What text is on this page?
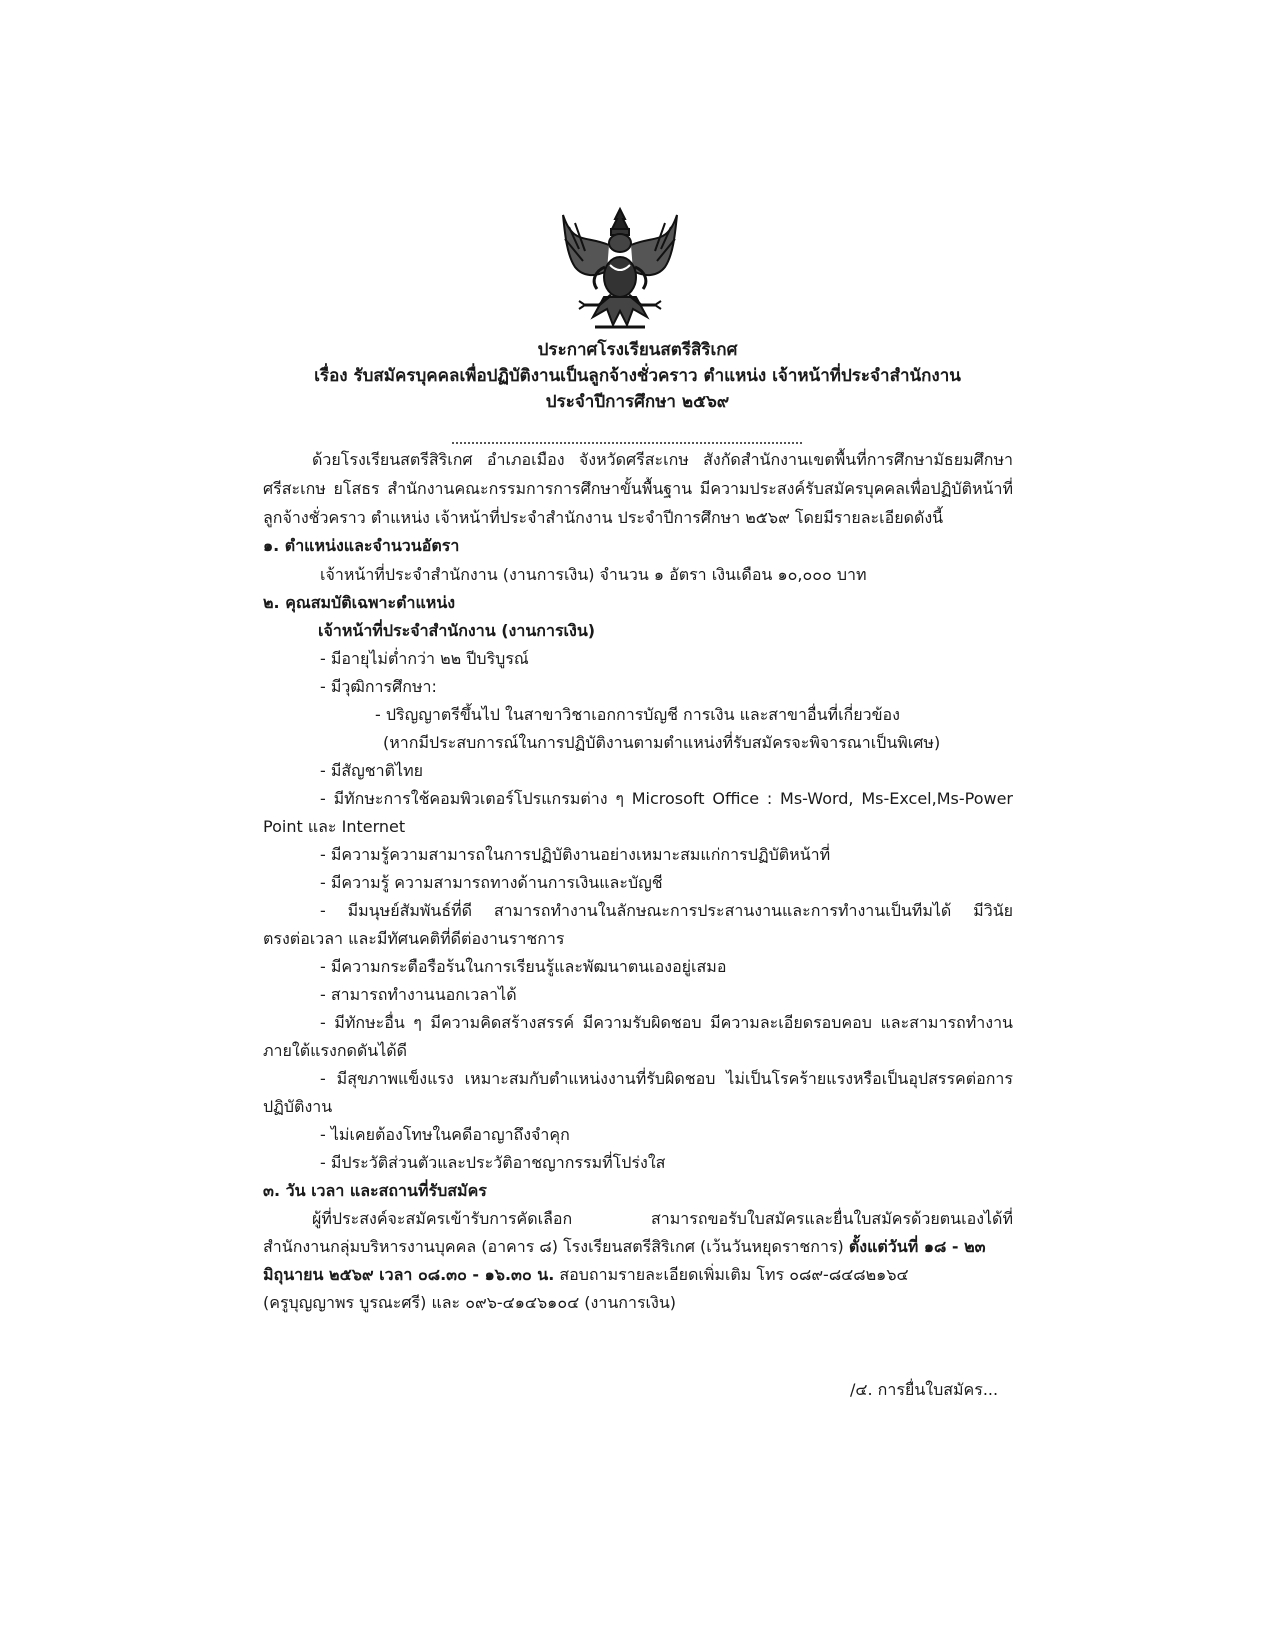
ประกาศโรงเรียนสตรีสิริเกศ
เรื่อง รับสมัครบุคคลเพื่อปฏิบัติงานเป็นลูกจ้างชั่วคราว ตำแหน่ง เจ้าหน้าที่ประจำสำนักงาน
ประจำปีการศึกษา ๒๕๖๙
ด้วยโรงเรียนสตรีสิริเกศ อำเภอเมือง จังหวัดศรีสะเกษ สังกัดสำนักงานเขตพื้นที่การศึกษามัธยมศึกษา
ศรีสะเกษ ยโสธร สำนักงานคณะกรรมการการศึกษาขั้นพื้นฐาน มีความประสงค์รับสมัครบุคคลเพื่อปฏิบัติหน้าที่
ลูกจ้างชั่วคราว ตำแหน่ง เจ้าหน้าที่ประจำสำนักงาน ประจำปีการศึกษา ๒๕๖๙ โดยมีรายละเอียดดังนี้
๑. ตำแหน่งและจำนวนอัตรา
เจ้าหน้าที่ประจำสำนักงาน (งานการเงิน) จำนวน ๑ อัตรา เงินเดือน ๑๐,๐๐๐ บาท
๒. คุณสมบัติเฉพาะตำแหน่ง
เจ้าหน้าที่ประจำสำนักงาน (งานการเงิน)
- มีอายุไม่ต่ำกว่า ๒๒ ปีบริบูรณ์
- มีวุฒิการศึกษา:
- ปริญญาตรีขึ้นไป ในสาขาวิชาเอกการบัญชี การเงิน และสาขาอื่นที่เกี่ยวข้อง
(หากมีประสบการณ์ในการปฏิบัติงานตามตำแหน่งที่รับสมัครจะพิจารณาเป็นพิเศษ)
- มีสัญชาติไทย
- มีทักษะการใช้คอมพิวเตอร์โปรแกรมต่าง ๆ Microsoft Office : Ms-Word, Ms-Excel,Ms-Power
Point และ Internet
- มีความรู้ความสามารถในการปฏิบัติงานอย่างเหมาะสมแก่การปฏิบัติหน้าที่
- มีความรู้ ความสามารถทางด้านการเงินและบัญชี
- มีมนุษย์สัมพันธ์ที่ดี สามารถทำงานในลักษณะการประสานงานและการทำงานเป็นทีมได้ มีวินัย
ตรงต่อเวลา และมีทัศนคติที่ดีต่องานราชการ
- มีความกระตือรือร้นในการเรียนรู้และพัฒนาตนเองอยู่เสมอ
- สามารถทำงานนอกเวลาได้
- มีทักษะอื่น ๆ มีความคิดสร้างสรรค์ มีความรับผิดชอบ มีความละเอียดรอบคอบ และสามารถทำงาน
ภายใต้แรงกดดันได้ดี
- มีสุขภาพแข็งแรง เหมาะสมกับตำแหน่งงานที่รับผิดชอบ ไม่เป็นโรคร้ายแรงหรือเป็นอุปสรรคต่อการ
ปฏิบัติงาน
- ไม่เคยต้องโทษในคดีอาญาถึงจำคุก
- มีประวัติส่วนตัวและประวัติอาชญากรรมที่โปร่งใส
๓. วัน เวลา และสถานที่รับสมัคร
ผู้ที่ประสงค์จะสมัครเข้ารับการคัดเลือก สามารถขอรับใบสมัครและยื่นใบสมัครด้วยตนเองได้ที่
สำนักงานกลุ่มบริหารงานบุคคล (อาคาร ๘) โรงเรียนสตรีสิริเกศ (เว้นวันหยุดราชการ) ตั้งแต่วันที่ ๑๘ - ๒๓
มิถุนายน ๒๕๖๙ เวลา ๐๘.๓๐ - ๑๖.๓๐ น. สอบถามรายละเอียดเพิ่มเติม โทร ๐๘๙-๘๔๘๒๑๖๔
(ครูบุญญาพร บูรณะศรี) และ ๐๙๖-๔๑๔๖๑๐๔ (งานการเงิน)
/๔. การยื่นใบสมัคร...
